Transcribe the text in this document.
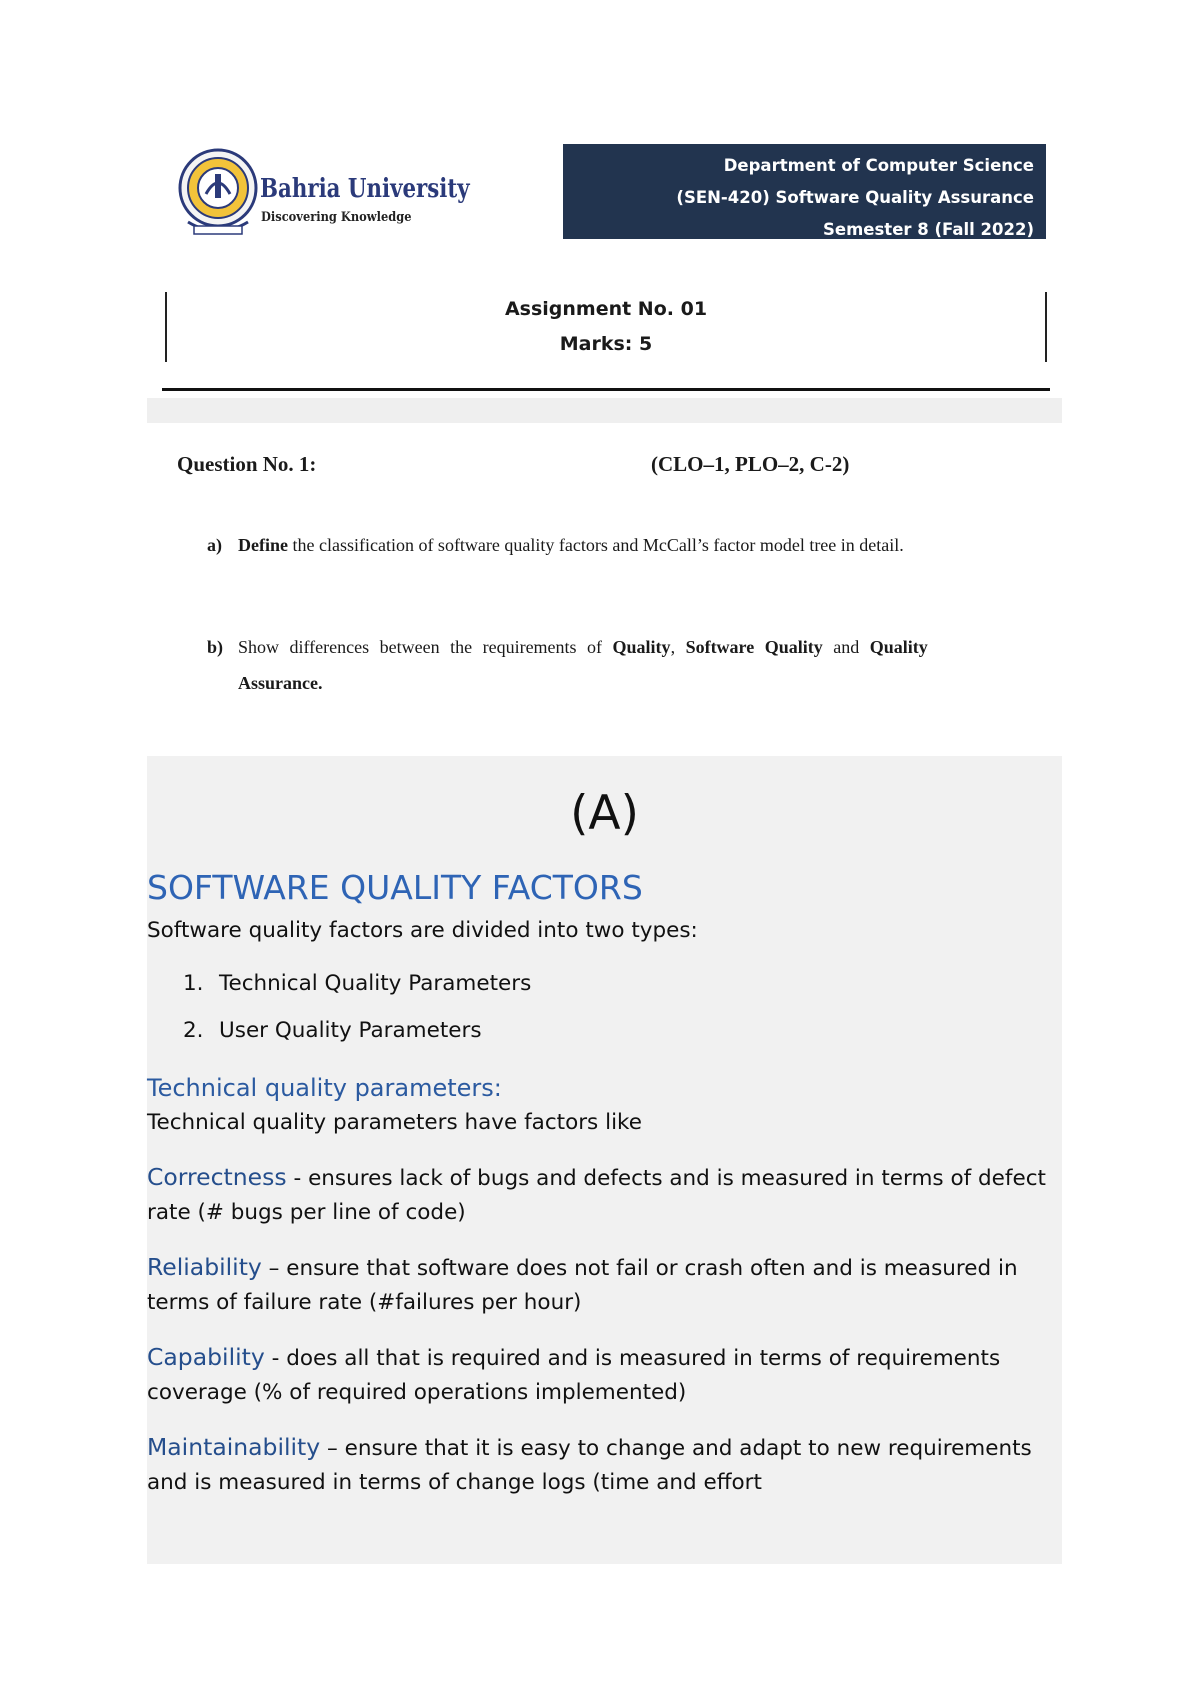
Bahria University
Discovering Knowledge
Department of Computer Science
(SEN-420) Software Quality Assurance
Semester 8 (Fall 2022)
Assignment No. 01
Marks: 5
Question No. 1:	(CLO–1, PLO–2, C-2)
a) Define the classification of software quality factors and McCall’s factor model tree in detail.
b) Show differences between the requirements of Quality, Software Quality and Quality
Assurance.
(A)
SOFTWARE QUALITY FACTORS
Software quality factors are divided into two types:
1. Technical Quality Parameters
2. User Quality Parameters
Technical quality parameters:
Technical quality parameters have factors like
Correctness - ensures lack of bugs and defects and is measured in terms of defect rate (# bugs per line of code)
Reliability – ensure that software does not fail or crash often and is measured in terms of failure rate (#failures per hour)
Capability - does all that is required and is measured in terms of requirements coverage (% of required operations implemented)
Maintainability – ensure that it is easy to change and adapt to new requirements and is measured in terms of change logs (time and effort
